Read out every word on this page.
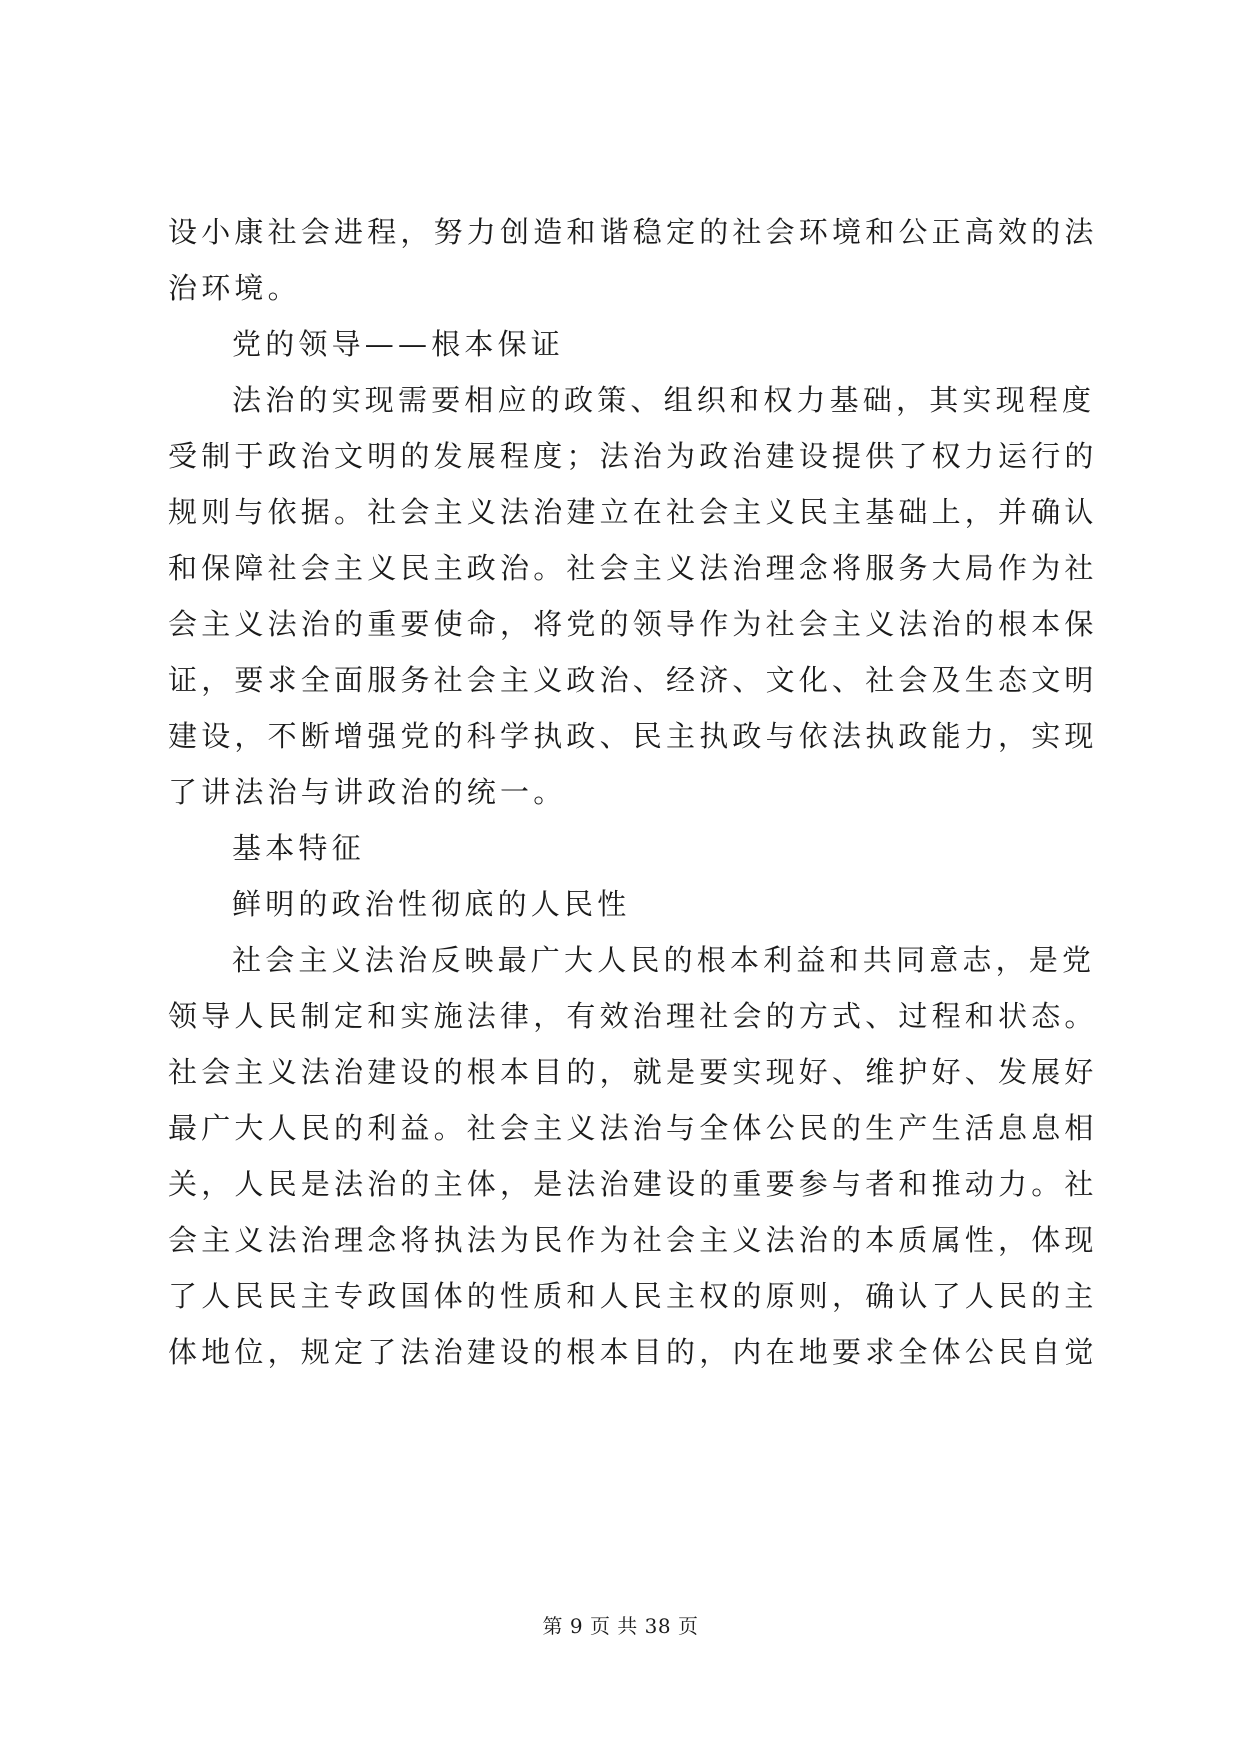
设小康社会进程，努力创造和谐稳定的社会环境和公正高效的法
治环境。
党的领导——根本保证
法治的实现需要相应的政策、组织和权力基础，其实现程度
受制于政治文明的发展程度；法治为政治建设提供了权力运行的
规则与依据。社会主义法治建立在社会主义民主基础上，并确认
和保障社会主义民主政治。社会主义法治理念将服务大局作为社
会主义法治的重要使命，将党的领导作为社会主义法治的根本保
证，要求全面服务社会主义政治、经济、文化、社会及生态文明
建设，不断增强党的科学执政、民主执政与依法执政能力，实现
了讲法治与讲政治的统一。
基本特征
鲜明的政治性彻底的人民性
社会主义法治反映最广大人民的根本利益和共同意志，是党
领导人民制定和实施法律，有效治理社会的方式、过程和状态。
社会主义法治建设的根本目的，就是要实现好、维护好、发展好
最广大人民的利益。社会主义法治与全体公民的生产生活息息相
关，人民是法治的主体，是法治建设的重要参与者和推动力。社
会主义法治理念将执法为民作为社会主义法治的本质属性，体现
了人民民主专政国体的性质和人民主权的原则，确认了人民的主
体地位，规定了法治建设的根本目的，内在地要求全体公民自觉
第 9 页 共 38 页
